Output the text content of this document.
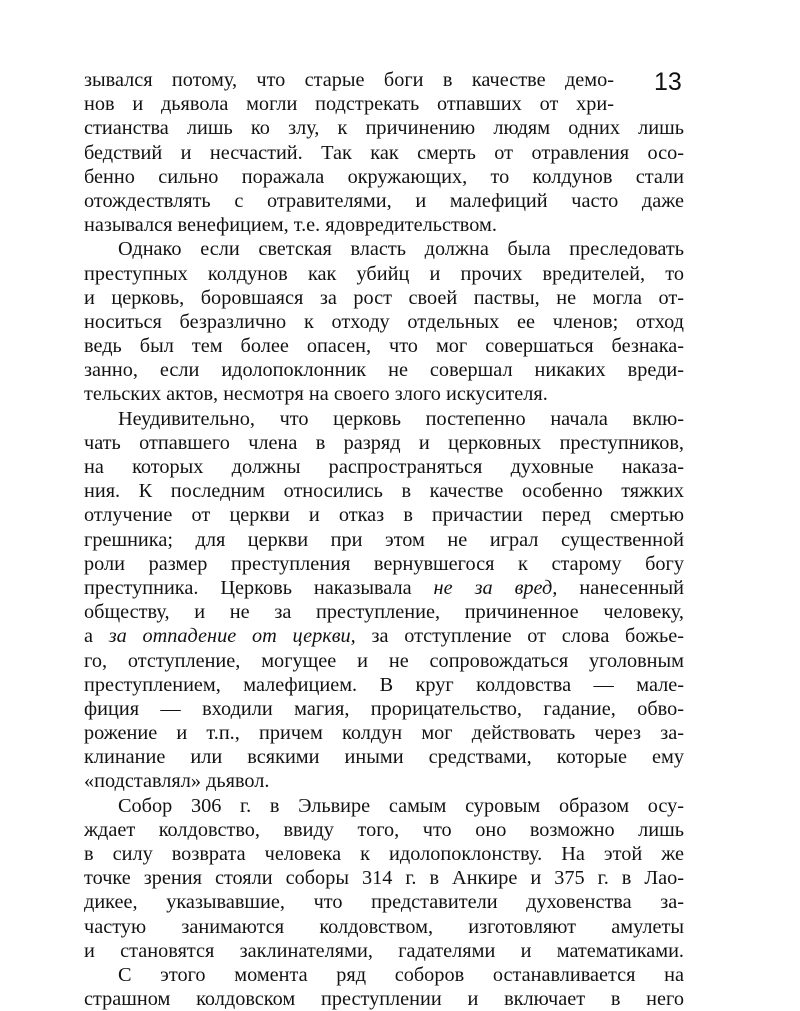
13
зывался потому, что старые боги в качестве демо-
нов и дьявола могли подстрекать отпавших от хри-
стианства лишь ко злу, к причинению людям одних лишь
бедствий и несчастий. Так как смерть от отравления осо-
бенно сильно поражала окружающих, то колдунов стали
отождествлять с отравителями, и малефиций часто даже
назывался венефицием, т.е. ядовредительством.
Однако если светская власть должна была преследовать
преступных колдунов как убийц и прочих вредителей, то
и церковь, боровшаяся за рост своей паствы, не могла от-
носиться безразлично к отходу отдельных ее членов; отход
ведь был тем более опасен, что мог совершаться безнака-
занно, если идолопоклонник не совершал никаких вреди-
тельских актов, несмотря на своего злого искусителя.
Неудивительно, что церковь постепенно начала вклю-
чать отпавшего члена в разряд и церковных преступников,
на которых должны распространяться духовные наказа-
ния. К последним относились в качестве особенно тяжких
отлучение от церкви и отказ в причастии перед смертью
грешника; для церкви при этом не играл существенной
роли размер преступления вернувшегося к старому богу
преступника. Церковь наказывала не за вред, нанесенный
обществу, и не за преступление, причиненное человеку,
а за отпадение от церкви, за отступление от слова божье-
го, отступление, могущее и не сопровождаться уголовным
преступлением, малефицием. В круг колдовства — мале-
фиция — входили магия, прорицательство, гадание, обво-
рожение и т.п., причем колдун мог действовать через за-
клинание или всякими иными средствами, которые ему
«подставлял» дьявол.
Собор 306 г. в Эльвире самым суровым образом осу-
ждает колдовство, ввиду того, что оно возможно лишь
в силу возврата человека к идолопоклонству. На этой же
точке зрения стояли соборы 314 г. в Анкире и 375 г. в Лао-
дикее, указывавшие, что представители духовенства за-
частую занимаются колдовством, изготовляют амулеты
и становятся заклинателями, гадателями и математиками.
С этого момента ряд соборов останавливается на
страшном колдовском преступлении и включает в него
